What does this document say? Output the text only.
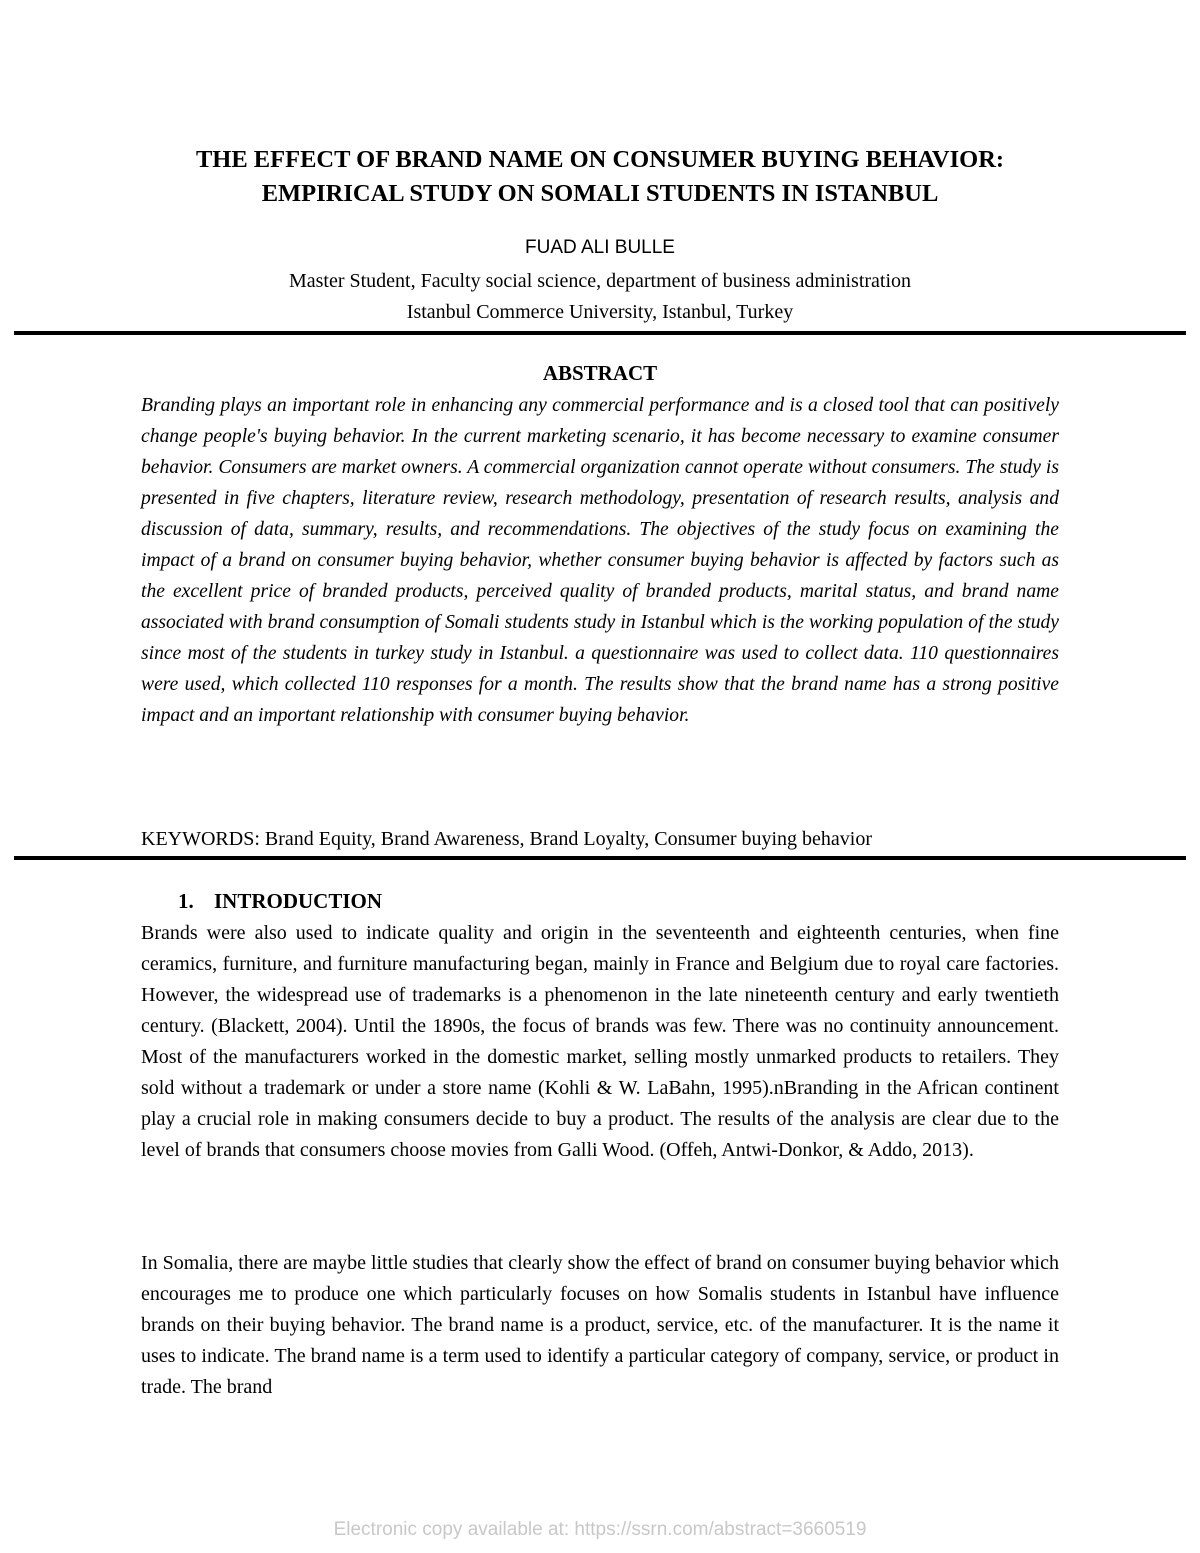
THE EFFECT OF BRAND NAME ON CONSUMER BUYING BEHAVIOR:
EMPIRICAL STUDY ON SOMALI STUDENTS IN ISTANBUL
FUAD ALI BULLE
Master Student, Faculty social science, department of business administration
Istanbul Commerce University, Istanbul, Turkey
ABSTRACT
Branding plays an important role in enhancing any commercial performance and is a closed tool that can positively change people's buying behavior. In the current marketing scenario, it has become necessary to examine consumer behavior. Consumers are market owners. A commercial organization cannot operate without consumers. The study is presented in five chapters, literature review, research methodology, presentation of research results, analysis and discussion of data, summary, results, and recommendations. The objectives of the study focus on examining the impact of a brand on consumer buying behavior, whether consumer buying behavior is affected by factors such as the excellent price of branded products, perceived quality of branded products, marital status, and brand name associated with brand consumption of Somali students study in Istanbul which is the working population of the study since most of the students in turkey study in Istanbul. a questionnaire was used to collect data. 110 questionnaires were used, which collected 110 responses for a month. The results show that the brand name has a strong positive impact and an important relationship with consumer buying behavior.
KEYWORDS: Brand Equity, Brand Awareness, Brand Loyalty, Consumer buying behavior
1. INTRODUCTION
Brands were also used to indicate quality and origin in the seventeenth and eighteenth centuries, when fine ceramics, furniture, and furniture manufacturing began, mainly in France and Belgium due to royal care factories. However, the widespread use of trademarks is a phenomenon in the late nineteenth century and early twentieth century. (Blackett, 2004). Until the 1890s, the focus of brands was few. There was no continuity announcement. Most of the manufacturers worked in the domestic market, selling mostly unmarked products to retailers. They sold without a trademark or under a store name (Kohli & W. LaBahn, 1995).nBranding in the African continent play a crucial role in making consumers decide to buy a product. The results of the analysis are clear due to the level of brands that consumers choose movies from Galli Wood. (Offeh, Antwi-Donkor, & Addo, 2013).
In Somalia, there are maybe little studies that clearly show the effect of brand on consumer buying behavior which encourages me to produce one which particularly focuses on how Somalis students in Istanbul have influence brands on their buying behavior. The brand name is a product, service, etc. of the manufacturer. It is the name it uses to indicate. The brand name is a term used to identify a particular category of company, service, or product in trade. The brand
Electronic copy available at: https://ssrn.com/abstract=3660519
